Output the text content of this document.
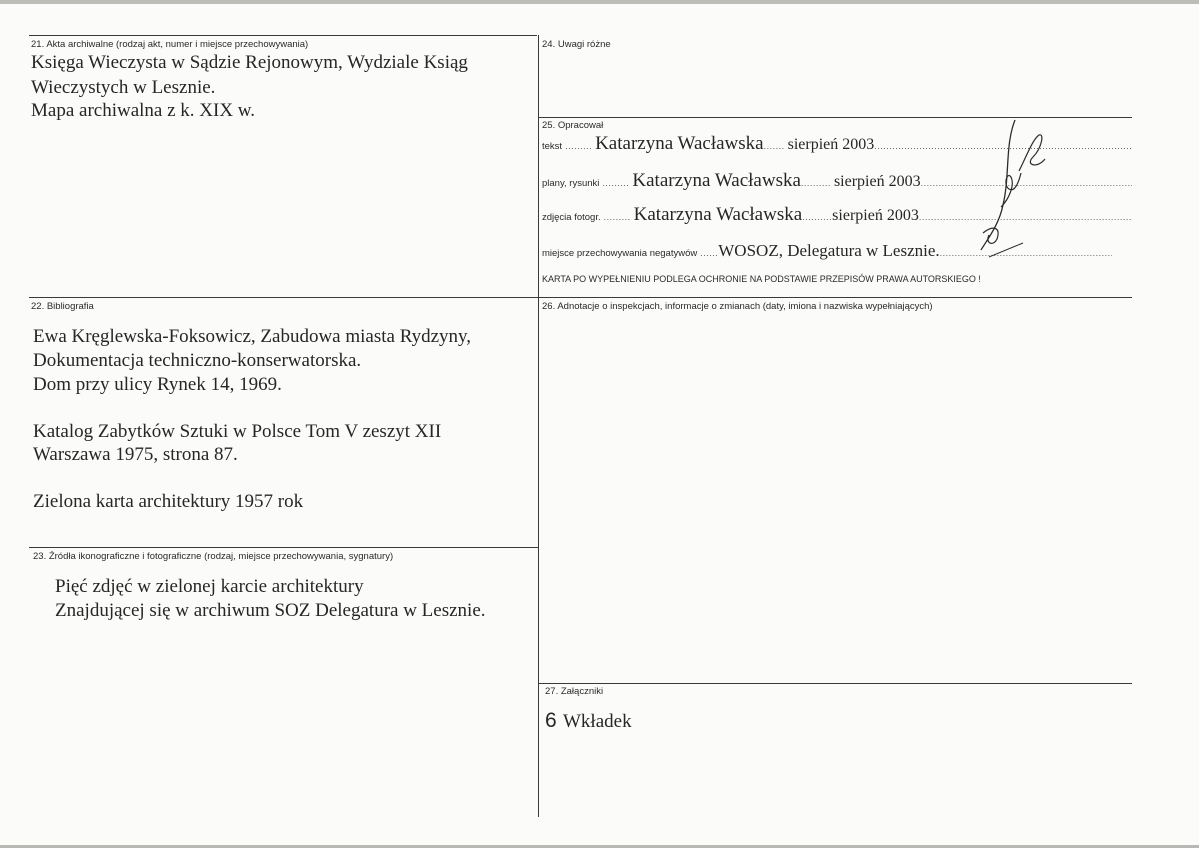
21. Akta archiwalne (rodzaj akt, numer i miejsce przechowywania)
Księga Wieczysta w Sądzie Rejonowym, Wydziale Ksiąg
Wieczystych w Lesznie.
Mapa archiwalna z k. XIX w.
24. Uwagi różne
25. Opracował
tekst ......... Katarzyna Wacławska ....... sierpień 2003
.....
plany, rysunki ......... Katarzyna Wacławska .......... sierpień 2003
.....
zdjęcia fotogr. ......... Katarzyna Wacławska .......... sierpień 2003
.....
miejsce przechowywania negatywów ...... WOSOZ, Delegatura w Lesznie.
.....
KARTA PO WYPEŁNIENIU PODLEGA OCHRONIE NA PODSTAWIE PRZEPISÓW PRAWA AUTORSKIEGO !
22. Bibliografia
Ewa Kręglewska-Foksowicz, Zabudowa miasta Rydzyny,
Dokumentacja techniczno-konserwatorska.
Dom przy ulicy Rynek 14, 1969.
Katalog Zabytków Sztuki w Polsce Tom V zeszyt XII
Warszawa 1975, strona 87.
Zielona karta architektury 1957 rok
26. Adnotacje o inspekcjach, informacje o zmianach (daty, imiona i nazwiska wypełniających)
23. Źródła ikonograficzne i fotograficzne (rodzaj, miejsce przechowywania, sygnatury)
Pięć zdjęć w zielonej karcie architektury
Znajdującej się w archiwum SOZ Delegatura w Lesznie.
27. Załączniki
6 Wkładek
